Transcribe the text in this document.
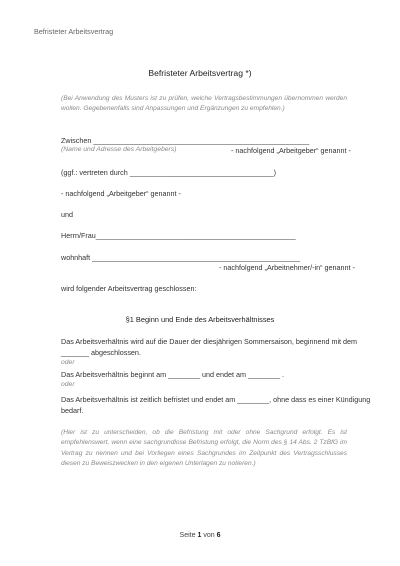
Befristeter Arbeitsvertrag
Befristeter Arbeitsvertrag *)
(Bei Anwendung des Musters ist zu prüfen, welche Vertragsbestimmungen übernommen werden wollen. Gegebenenfalls sind Anpassungen und Ergänzungen zu empfehlen.)
Zwischen ______________________________________________________
(Name und Adresse des Arbeitgebers)	- nachfolgend „Arbeitgeber“ genannt -
(ggf.: vertreten durch ____________________________________)
- nachfolgend „Arbeitgeber“ genannt -
und
Herrn/Frau__________________________________________________
wohnhaft ____________________________________________________
- nachfolgend „Arbeitnehmer/-in“ genannt -
wird folgender Arbeitsvertrag geschlossen:
§1 Beginn und Ende des Arbeitsverhältnisses
Das Arbeitsverhältnis wird auf die Dauer der diesjährigen Sommersaison, beginnend mit dem
_______ abgeschlossen.
oder
Das Arbeitsverhältnis beginnt am ________ und endet am ________ .
oder
Das Arbeitsverhältnis ist zeitlich befristet und endet am ________, ohne dass es einer Kündigung
bedarf.
(Hier ist zu unterscheiden, ob die Befristung mit oder ohne Sachgrund erfolgt. Es ist empfehlenswert, wenn eine sachgrundlose Befristung erfolgt, die Norm des § 14 Abs. 2 TzBfG im Vertrag zu nennen und bei Vorliegen eines Sachgrundes im Zeitpunkt des Vertragsschlusses diesen zu Beweiszwecken in den eigenen Unterlagen zu notieren.)
Seite 1 von 6
